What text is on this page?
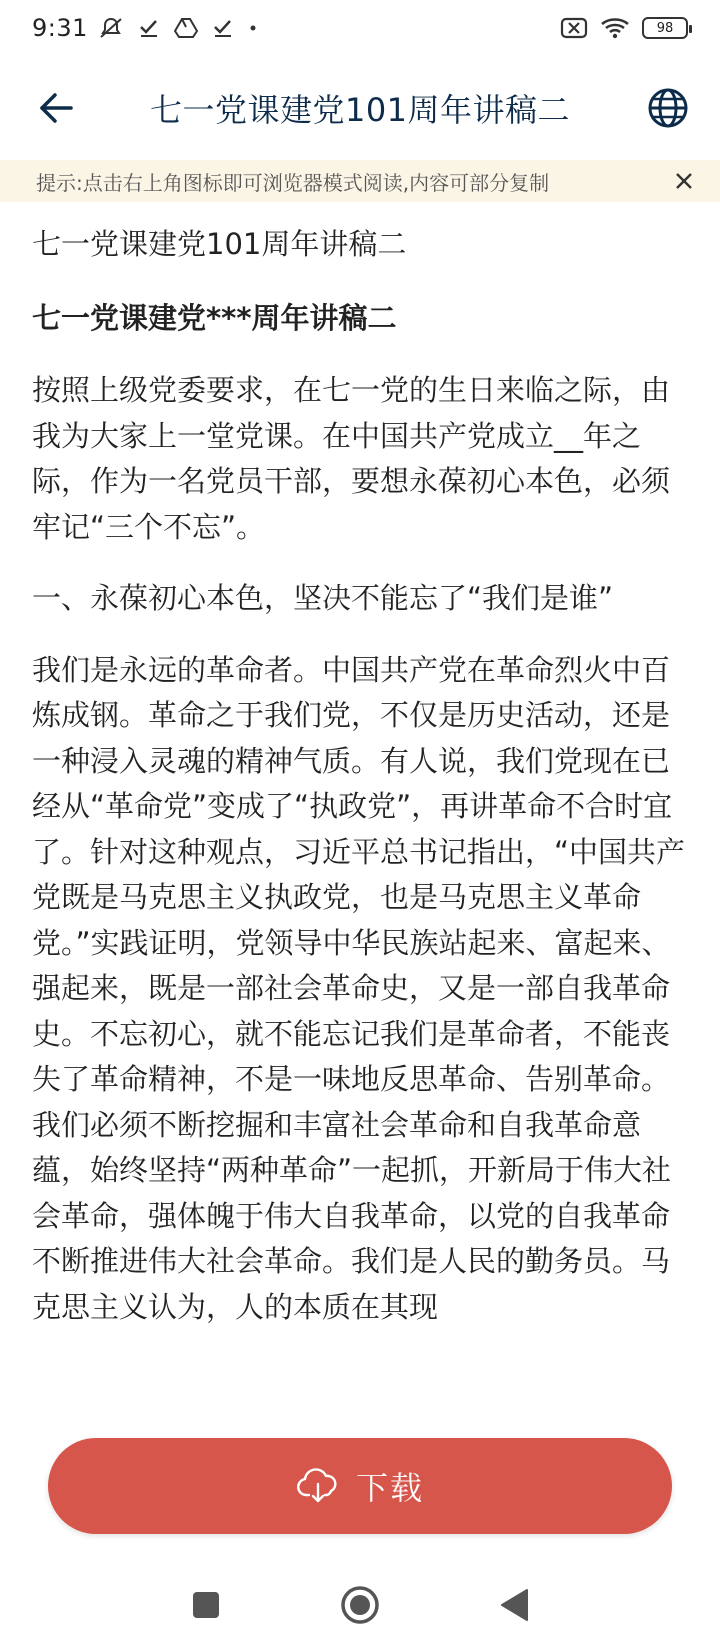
9:31	98
七一党课建党101周年讲稿二
提示:点击右上角图标即可浏览器模式阅读,内容可部分复制
七一党课建党101周年讲稿二
七一党课建党***周年讲稿二

按照上级党委要求，在七一党的生日来临之际，由我为大家上一堂党课。在中国共产党成立__年之际，作为一名党员干部，要想永葆初心本色，必须牢记“三个不忘”。

一、永葆初心本色，坚决不能忘了“我们是谁”

我们是永远的革命者。中国共产党在革命烈火中百炼成钢。革命之于我们党，不仅是历史活动，还是一种浸入灵魂的精神气质。有人说，我们党现在已经从“革命党”变成了“执政党”，再讲革命不合时宜了。针对这种观点，习近平总书记指出，“中国共产党既是马克思主义执政党，也是马克思主义革命党。”实践证明，党领导中华民族站起来、富起来、强起来，既是一部社会革命史，又是一部自我革命史。不忘初心，就不能忘记我们是革命者，不能丧失了革命精神，不是一味地反思革命、告别革命。我们必须不断挖掘和丰富社会革命和自我革命意蕴，始终坚持“两种革命”一起抓，开新局于伟大社会革命，强体魄于伟大自我革命，以党的自我革命不断推进伟大社会革命。我们是人民的勤务员。马克思主义认为，人的本质在其现

下载
